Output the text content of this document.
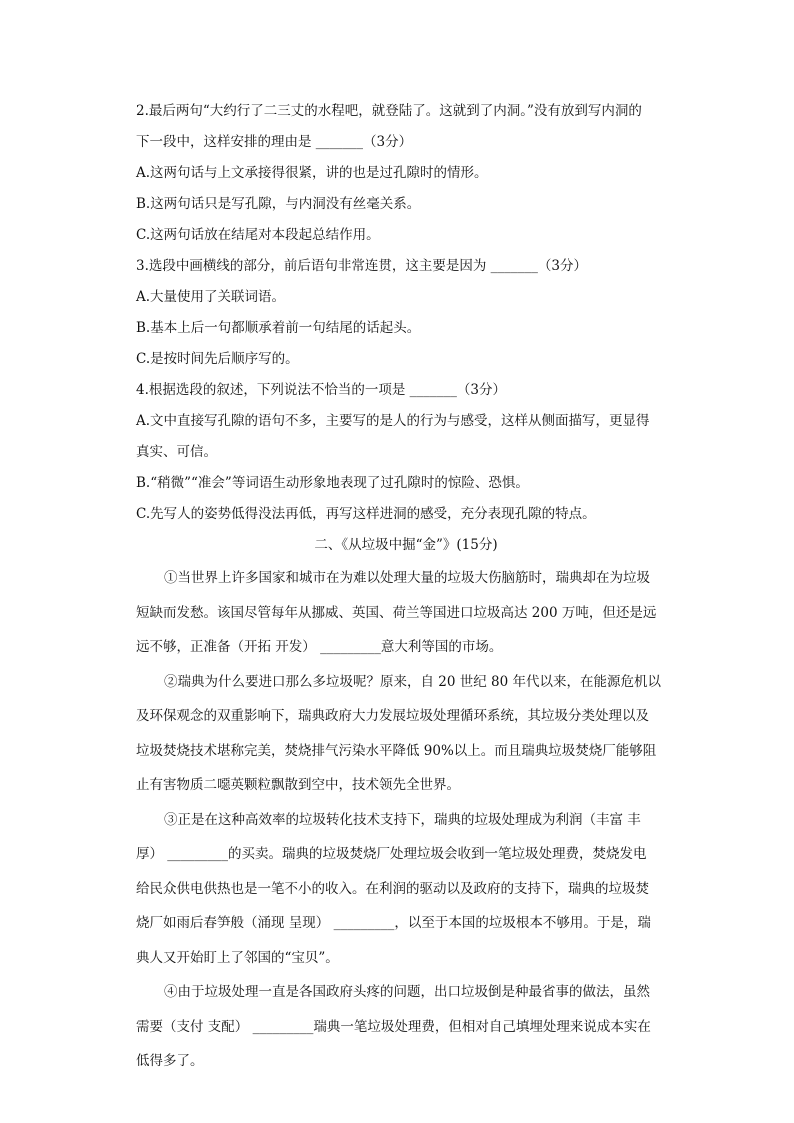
2.最后两句“大约行了二三丈的水程吧，就登陆了。这就到了内洞。”没有放到写内洞的
下一段中，这样安排的理由是 _______（3分）
A.这两句话与上文承接得很紧，讲的也是过孔隙时的情形。
B.这两句话只是写孔隙，与内洞没有丝毫关系。
C.这两句话放在结尾对本段起总结作用。
3.选段中画横线的部分，前后语句非常连贯，这主要是因为 _______（3分）
A.大量使用了关联词语。
B.基本上后一句都顺承着前一句结尾的话起头。
C.是按时间先后顺序写的。
4.根据选段的叙述，下列说法不恰当的一项是 _______（3分）
A.文中直接写孔隙的语句不多，主要写的是人的行为与感受，这样从侧面描写，更显得
真实、可信。
B.“稍微”“准会”等词语生动形象地表现了过孔隙时的惊险、恐惧。
C.先写人的姿势低得没法再低，再写这样进洞的感受，充分表现孔隙的特点。
二、《从垃圾中掘“金”》(15分)
①当世界上许多国家和城市在为难以处理大量的垃圾大伤脑筋时，瑞典却在为垃圾
短缺而发愁。该国尽管每年从挪威、英国、荷兰等国进口垃圾高达 200 万吨，但还是远
远不够，正准备（开拓 开发） _________意大利等国的市场。
②瑞典为什么要进口那么多垃圾呢？原来，自 20 世纪 80 年代以来，在能源危机以
及环保观念的双重影响下，瑞典政府大力发展垃圾处理循环系统，其垃圾分类处理以及
垃圾焚烧技术堪称完美，焚烧排气污染水平降低 90%以上。而且瑞典垃圾焚烧厂能够阻
止有害物质二噁英颗粒飘散到空中，技术领先全世界。
③正是在这种高效率的垃圾转化技术支持下，瑞典的垃圾处理成为利润（丰富 丰
厚） _________的买卖。瑞典的垃圾焚烧厂处理垃圾会收到一笔垃圾处理费，焚烧发电
给民众供电供热也是一笔不小的收入。在利润的驱动以及政府的支持下，瑞典的垃圾焚
烧厂如雨后春笋般（涌现 呈现） _________，以至于本国的垃圾根本不够用。于是，瑞
典人又开始盯上了邻国的“宝贝”。
④由于垃圾处理一直是各国政府头疼的问题，出口垃圾倒是种最省事的做法，虽然
需要（支付 支配） _________瑞典一笔垃圾处理费，但相对自己填埋处理来说成本实在
低得多了。
